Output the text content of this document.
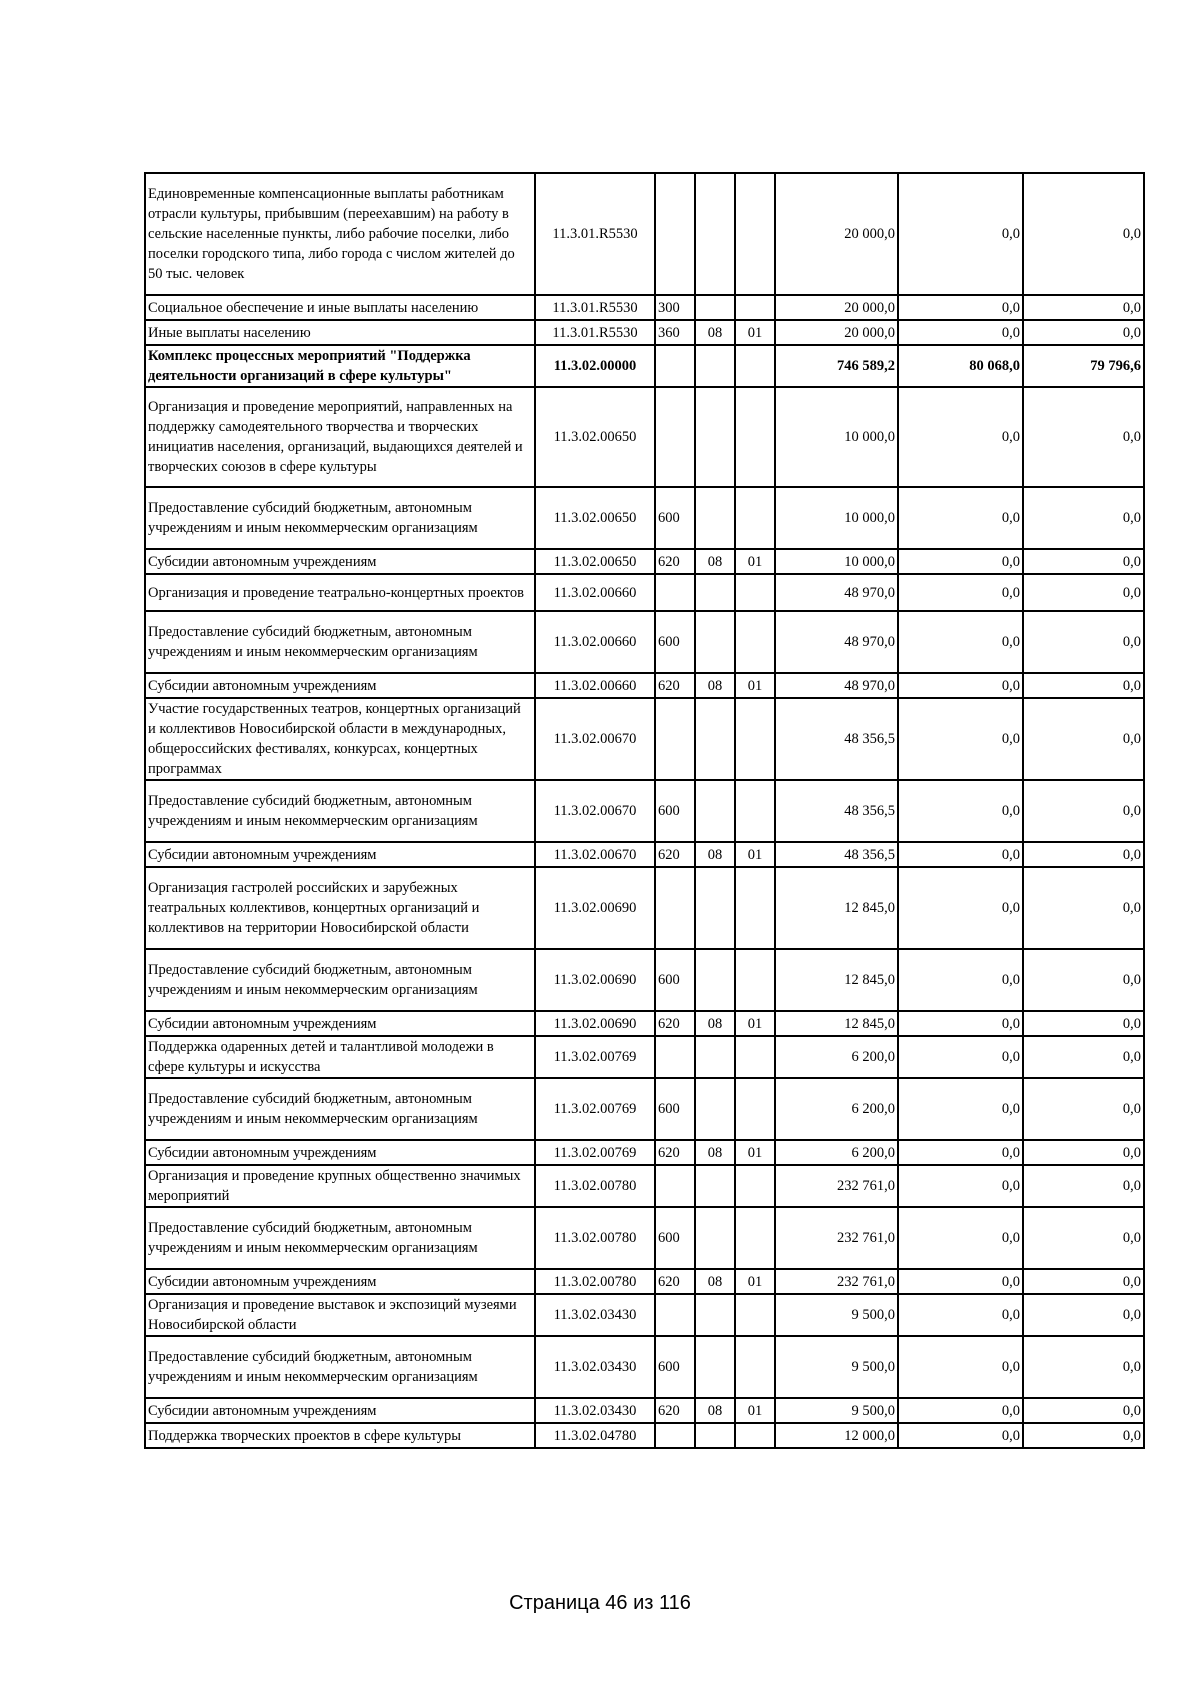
Единовременные компенсационные выплаты работникам отрасли культуры, прибывшим (переехавшим) на работу в сельские населенные пункты, либо рабочие поселки, либо поселки городского типа, либо города с числом жителей до 50 тыс. человек	11.3.01.R5530				20 000,0	0,0	0,0
Социальное обеспечение и иные выплаты населению	11.3.01.R5530	300			20 000,0	0,0	0,0
Иные выплаты населению	11.3.01.R5530	360	08	01	20 000,0	0,0	0,0
Комплекс процессных мероприятий "Поддержка деятельности организаций в сфере культуры"	11.3.02.00000				746 589,2	80 068,0	79 796,6
Организация и проведение мероприятий, направленных на поддержку самодеятельного творчества и творческих инициатив населения, организаций, выдающихся деятелей и творческих союзов в сфере культуры	11.3.02.00650				10 000,0	0,0	0,0
Предоставление субсидий бюджетным, автономным учреждениям и иным некоммерческим организациям	11.3.02.00650	600			10 000,0	0,0	0,0
Субсидии автономным учреждениям	11.3.02.00650	620	08	01	10 000,0	0,0	0,0
Организация и проведение театрально-концертных проектов	11.3.02.00660				48 970,0	0,0	0,0
Предоставление субсидий бюджетным, автономным учреждениям и иным некоммерческим организациям	11.3.02.00660	600			48 970,0	0,0	0,0
Субсидии автономным учреждениям	11.3.02.00660	620	08	01	48 970,0	0,0	0,0
Участие государственных театров, концертных организаций и коллективов Новосибирской области в международных, общероссийских фестивалях, конкурсах, концертных программах	11.3.02.00670				48 356,5	0,0	0,0
Предоставление субсидий бюджетным, автономным учреждениям и иным некоммерческим организациям	11.3.02.00670	600			48 356,5	0,0	0,0
Субсидии автономным учреждениям	11.3.02.00670	620	08	01	48 356,5	0,0	0,0
Организация гастролей российских и зарубежных театральных коллективов, концертных организаций и коллективов на территории Новосибирской области	11.3.02.00690				12 845,0	0,0	0,0
Предоставление субсидий бюджетным, автономным учреждениям и иным некоммерческим организациям	11.3.02.00690	600			12 845,0	0,0	0,0
Субсидии автономным учреждениям	11.3.02.00690	620	08	01	12 845,0	0,0	0,0
Поддержка одаренных детей и талантливой молодежи в сфере культуры и искусства	11.3.02.00769				6 200,0	0,0	0,0
Предоставление субсидий бюджетным, автономным учреждениям и иным некоммерческим организациям	11.3.02.00769	600			6 200,0	0,0	0,0
Субсидии автономным учреждениям	11.3.02.00769	620	08	01	6 200,0	0,0	0,0
Организация и проведение крупных общественно значимых мероприятий	11.3.02.00780				232 761,0	0,0	0,0
Предоставление субсидий бюджетным, автономным учреждениям и иным некоммерческим организациям	11.3.02.00780	600			232 761,0	0,0	0,0
Субсидии автономным учреждениям	11.3.02.00780	620	08	01	232 761,0	0,0	0,0
Организация и проведение выставок и экспозиций музеями Новосибирской области	11.3.02.03430				9 500,0	0,0	0,0
Предоставление субсидий бюджетным, автономным учреждениям и иным некоммерческим организациям	11.3.02.03430	600			9 500,0	0,0	0,0
Субсидии автономным учреждениям	11.3.02.03430	620	08	01	9 500,0	0,0	0,0
Поддержка творческих проектов в сфере культуры	11.3.02.04780				12 000,0	0,0	0,0
Страница 46 из 116
